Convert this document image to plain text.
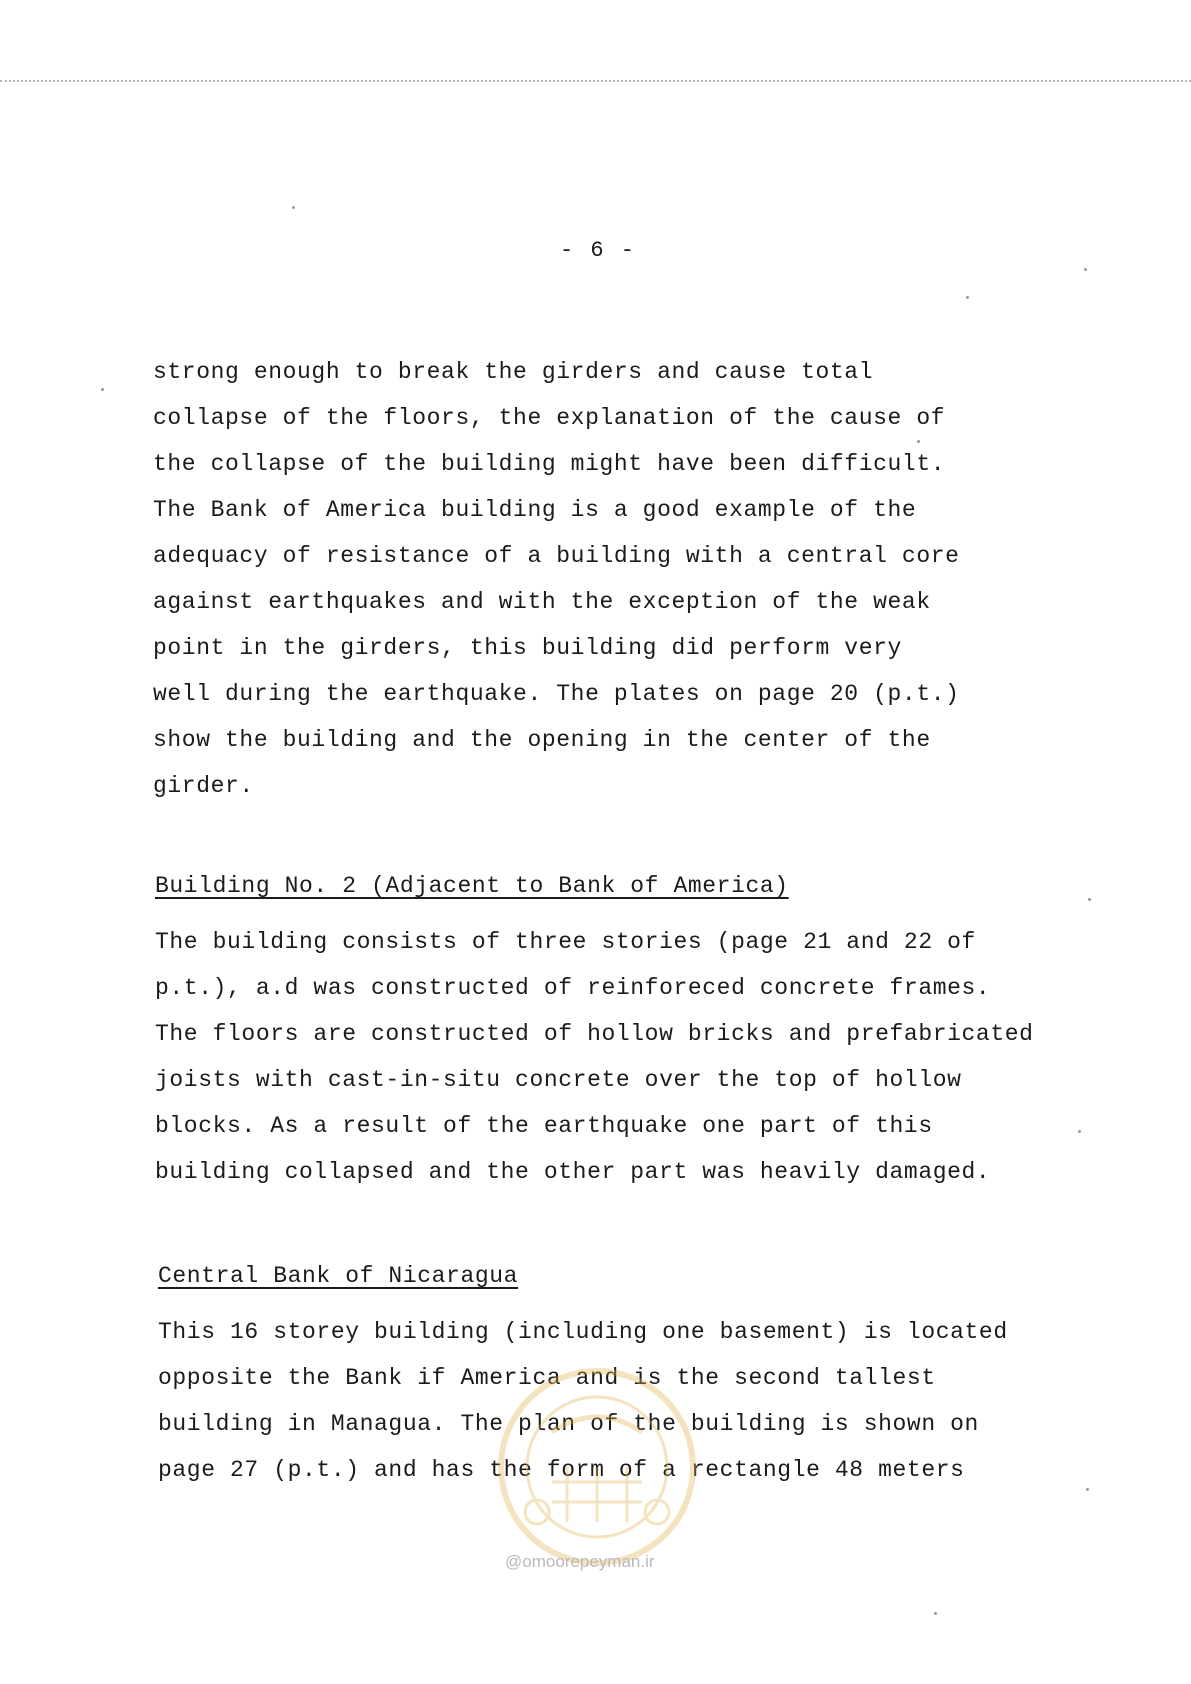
- 6 -
strong enough to break the girders and cause total
collapse of the floors, the explanation of the cause of
the collapse of the building might have been difficult.
The Bank of America building is a good example of the
adequacy of resistance of a building with a central core
against earthquakes and with the exception of the weak
point in the girders, this building did perform very
well during the earthquake. The plates on page 20 (p.t.)
show the building and the opening in the center of the
girder.
Building No. 2 (Adjacent to Bank of America)
The building consists of three stories (page 21 and 22 of
p.t.), a.d was constructed of reinforeced concrete frames.
The floors are constructed of hollow bricks and prefabricated
joists with cast-in-situ concrete over the top of hollow
blocks. As a result of the earthquake one part of this
building collapsed and the other part was heavily damaged.
Central Bank of Nicaragua
This 16 storey building (including one basement) is located
opposite the Bank if America and is the second tallest
building in Managua. The plan of the building is shown on
page 27 (p.t.) and has the form of a rectangle 48 meters
@omoorepeyman.ir
